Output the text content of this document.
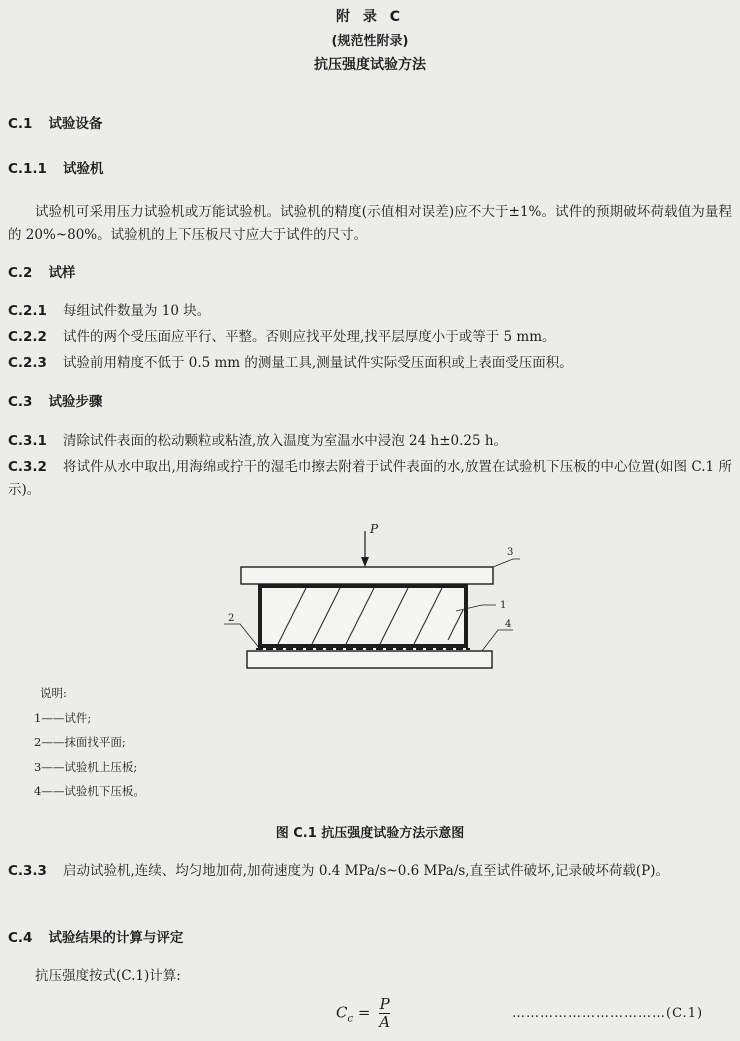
附 录 C
(规范性附录)
抗压强度试验方法
C.1 试验设备
C.1.1 试验机
试验机可采用压力试验机或万能试验机。试验机的精度(示值相对误差)应不大于±1%。试件的预期破坏荷载值为量程的 20%~80%。试验机的上下压板尺寸应大于试件的尺寸。
C.2 试样
C.2.1 每组试件数量为 10 块。
C.2.2 试件的两个受压面应平行、平整。否则应找平处理,找平层厚度小于或等于 5 mm。
C.2.3 试验前用精度不低于 0.5 mm 的测量工具,测量试件实际受压面积或上表面受压面积。
C.3 试验步骤
C.3.1 清除试件表面的松动颗粒或粘渣,放入温度为室温水中浸泡 24 h±0.25 h。
C.3.2 将试件从水中取出,用海绵或拧干的湿毛巾擦去附着于试件表面的水,放置在试验机下压板的中心位置(如图 C.1 所示)。
P
3
1
4
2
说明:
1——试件;
2——抹面找平面;
3——试验机上压板;
4——试验机下压板。
图 C.1 抗压强度试验方法示意图
C.3.3 启动试验机,连续、均匀地加荷,加荷速度为 0.4 MPa/s~0.6 MPa/s,直至试件破坏,记录破坏荷载(P)。
C.4 试验结果的计算与评定
抗压强度按式(C.1)计算:
$C_c = \frac{P}{A}$	……………………………(C.1)
